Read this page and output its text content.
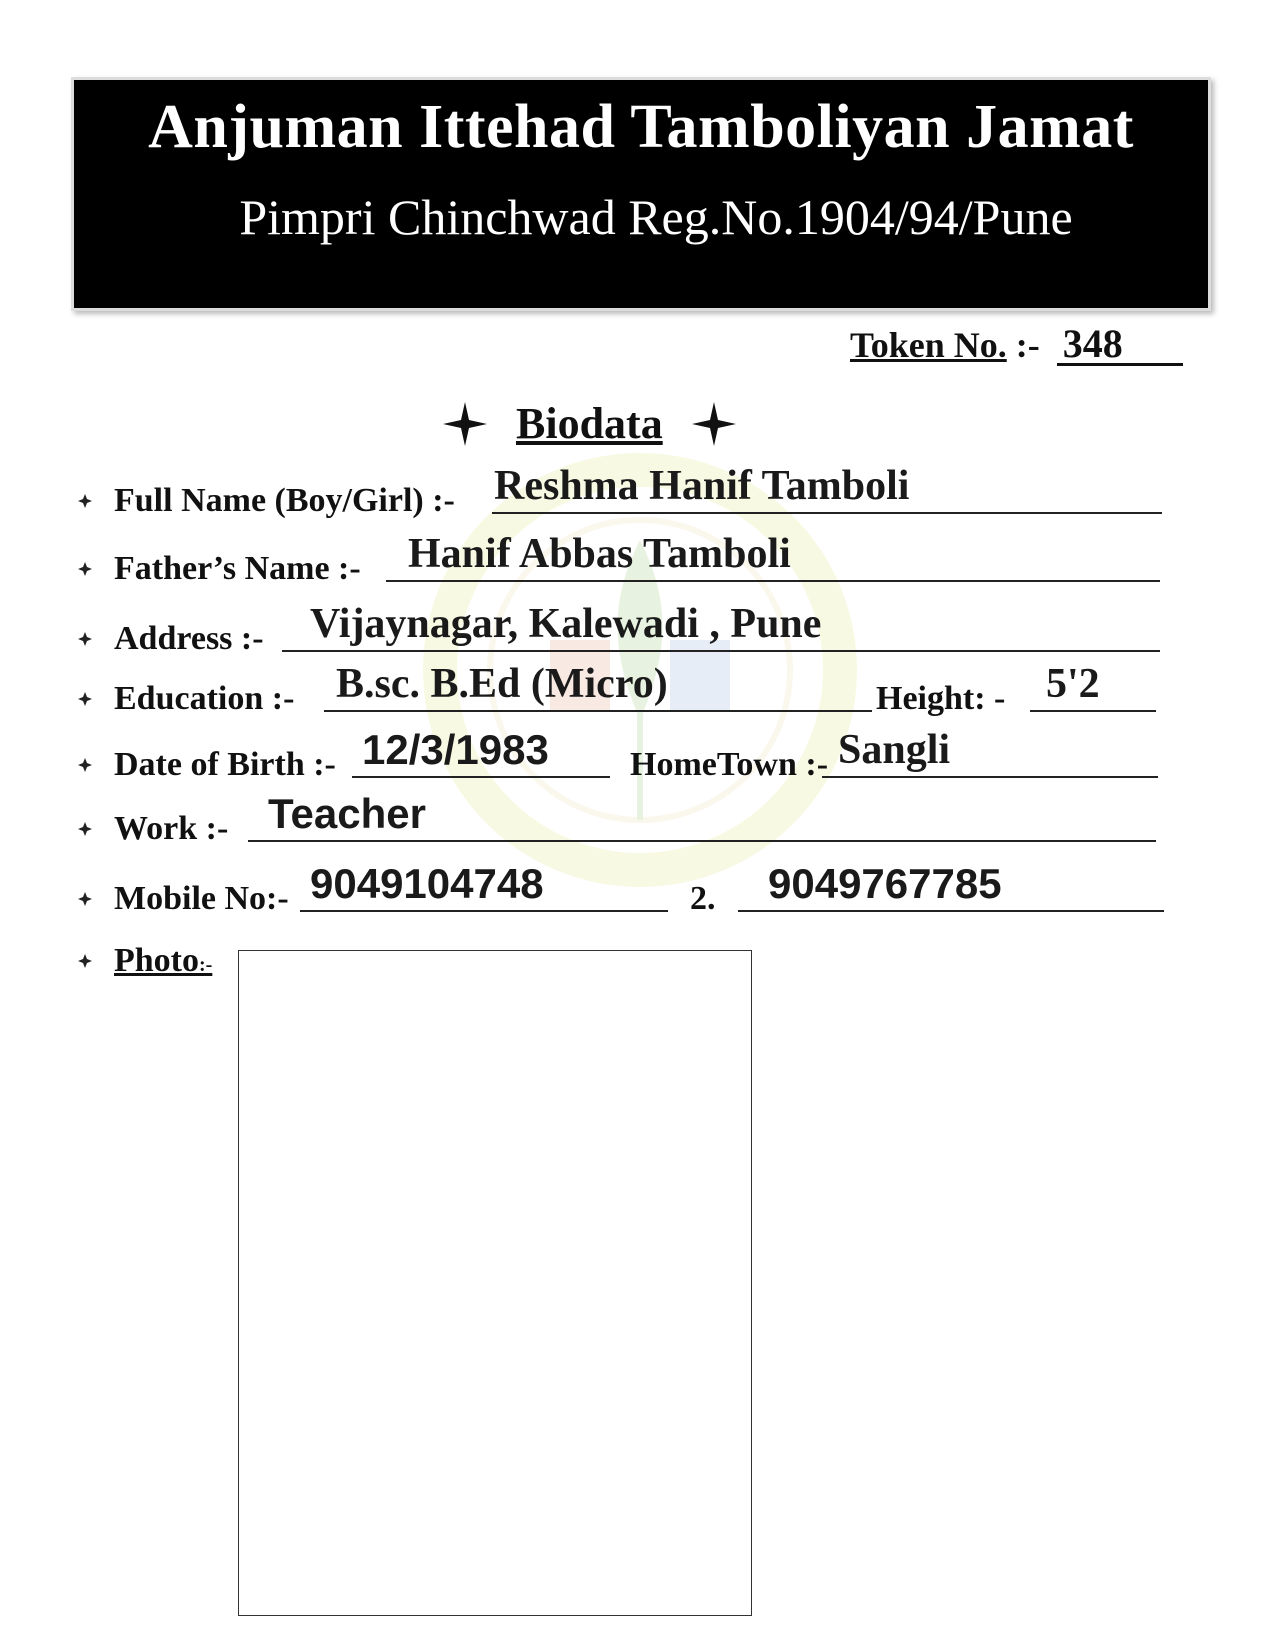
Anjuman Ittehad Tamboliyan Jamat
Pimpri Chinchwad Reg.No.1904/94/Pune
Token No. :- 348
Biodata
Full Name (Boy/Girl) :- Reshma Hanif Tamboli
Father’s Name :- Hanif Abbas Tamboli
Address :- Vijaynagar, Kalewadi , Pune
Education :- B.sc. B.Ed (Micro)	Height: - 5'2
Date of Birth :- 12/3/1983 HomeTown :- Sangli
Work :- Teacher
Mobile No:- 9049104748	2. 9049767785
Photo:-
